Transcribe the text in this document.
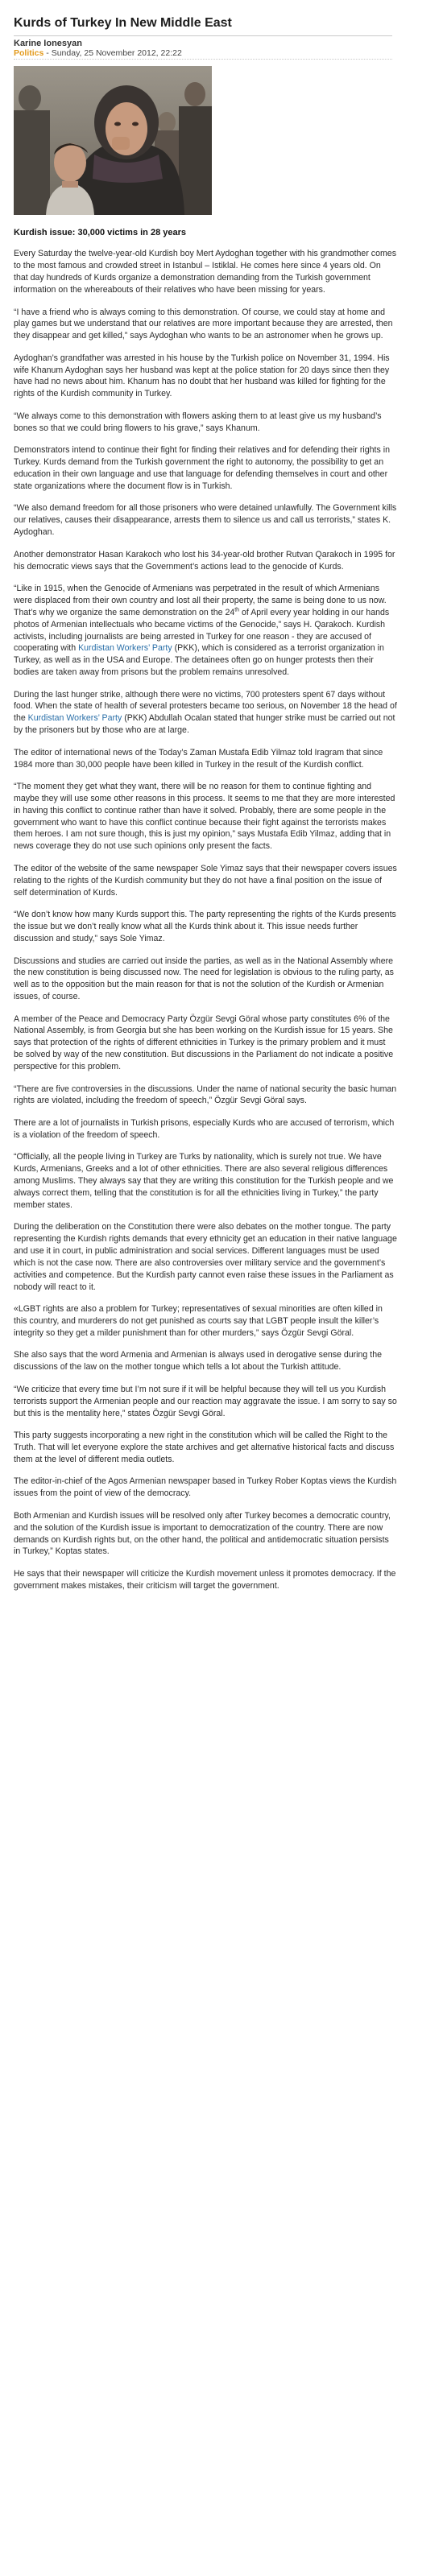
Kurds of Turkey In New Middle East
Karine Ionesyan
Politics - Sunday, 25 November 2012, 22:22

Kurdish issue: 30,000 victims in 28 years

Every Saturday the twelve-year-old Kurdish boy Mert Aydoghan together with his grandmother comes to the most famous and crowded street in Istanbul – Istiklal. He comes here since 4 years old. On that day hundreds of Kurds organize a demonstration demanding from the Turkish government information on the whereabouts of their relatives who have been missing for years.

“I have a friend who is always coming to this demonstration. Of course, we could stay at home and play games but we understand that our relatives are more important because they are arrested, then they disappear and get killed,” says Aydoghan who wants to be an astronomer when he grows up.

Aydoghan’s grandfather was arrested in his house by the Turkish police on November 31, 1994. His wife Khanum Aydoghan says her husband was kept at the police station for 20 days since then they have had no news about him. Khanum has no doubt that her husband was killed for fighting for the rights of the Kurdish community in Turkey.

“We always come to this demonstration with flowers asking them to at least give us my husband’s bones so that we could bring flowers to his grave,” says Khanum.

Demonstrators intend to continue their fight for finding their relatives and for defending their rights in Turkey. Kurds demand from the Turkish government the right to autonomy, the possibility to get an education in their own language and use that language for defending themselves in court and other state organizations where the document flow is in Turkish.

“We also demand freedom for all those prisoners who were detained unlawfully. The Government kills our relatives, causes their disappearance, arrests them to silence us and call us terrorists,” states K. Aydoghan.

Another demonstrator Hasan Karakoch who lost his 34-year-old brother Rutvan Qarakoch in 1995 for his democratic views says that the Government’s actions lead to the genocide of Kurds.

“Like in 1915, when the Genocide of Armenians was perpetrated in the result of which Armenians were displaced from their own country and lost all their property, the same is being done to us now. That’s why we organize the same demonstration on the 24th of April every year holding in our hands photos of Armenian intellectuals who became victims of the Genocide,” says H. Qarakoch. Kurdish activists, including journalists are being arrested in Turkey for one reason - they are accused of cooperating with Kurdistan Workers’ Party (PKK), which is considered as a terrorist organization in Turkey, as well as in the USA and Europe. The detainees often go on hunger protests then their bodies are taken away from prisons but the problem remains unresolved.

During the last hunger strike, although there were no victims, 700 protesters spent 67 days without food. When the state of health of several protesters became too serious, on November 18 the head of the Kurdistan Workers’ Party (PKK) Abdullah Ocalan stated that hunger strike must be carried out not by the prisoners but by those who are at large.

The editor of international news of the Today’s Zaman Mustafa Edib Yilmaz told Iragram that since 1984 more than 30,000 people have been killed in Turkey in the result of the Kurdish conflict.

“The moment they get what they want, there will be no reason for them to continue fighting and maybe they will use some other reasons in this process. It seems to me that they are more interested in having this conflict to continue rather than have it solved. Probably, there are some people in the government who want to have this conflict continue because their fight against the terrorists makes them heroes. I am not sure though, this is just my opinion,” says Mustafa Edib Yilmaz, adding that in news coverage they do not use such opinions only present the facts.

The editor of the website of the same newspaper Sole Yimaz says that their newspaper covers issues relating to the rights of the Kurdish community but they do not have a final position on the issue of self determination of Kurds.

“We don’t know how many Kurds support this. The party representing the rights of the Kurds presents the issue but we don’t really know what all the Kurds think about it. This issue needs further discussion and study,” says Sole Yimaz.

Discussions and studies are carried out inside the parties, as well as in the National Assembly where the new constitution is being discussed now. The need for legislation is obvious to the ruling party, as well as to the opposition but the main reason for that is not the solution of the Kurdish or Armenian issues, of course.

A member of the Peace and Democracy Party Özgür Sevgi Göral whose party constitutes 6% of the National Assembly, is from Georgia but she has been working on the Kurdish issue for 15 years. She says that protection of the rights of different ethnicities in Turkey is the primary problem and it must be solved by way of the new constitution. But discussions in the Parliament do not indicate a positive perspective for this problem.

“There are five controversies in the discussions. Under the name of national security the basic human rights are violated, including the freedom of speech,” Özgür Sevgi Göral says.

There are a lot of journalists in Turkish prisons, especially Kurds who are accused of terrorism, which is a violation of the freedom of speech.

“Officially, all the people living in Turkey are Turks by nationality, which is surely not true. We have Kurds, Armenians, Greeks and a lot of other ethnicities. There are also several religious differences among Muslims. They always say that they are writing this constitution for the Turkish people and we always correct them, telling that the constitution is for all the ethnicities living in Turkey,” the party member states.

During the deliberation on the Constitution there were also debates on the mother tongue. The party representing the Kurdish rights demands that every ethnicity get an education in their native language and use it in court, in public administration and social services. Different languages must be used which is not the case now. There are also controversies over military service and the government’s activities and competence. But the Kurdish party cannot even raise these issues in the Parliament as nobody will react to it.

«LGBT rights are also a problem for Turkey; representatives of sexual minorities are often killed in this country, and murderers do not get punished as courts say that LGBT people insult the killer’s integrity so they get a milder punishment than for other murders,” says Özgür Sevgi Göral.

She also says that the word Armenia and Armenian is always used in derogative sense during the discussions of the law on the mother tongue which tells a lot about the Turkish attitude.

“We criticize that every time but I’m not sure if it will be helpful because they will tell us you Kurdish terrorists support the Armenian people and our reaction may aggravate the issue. I am sorry to say so but this is the mentality here,” states Özgür Sevgi Göral.

This party suggests incorporating a new right in the constitution which will be called the Right to the Truth. That will let everyone explore the state archives and get alternative historical facts and discuss them at the level of different media outlets.

The editor-in-chief of the Agos Armenian newspaper based in Turkey Rober Koptas views the Kurdish issues from the point of view of the democracy.

Both Armenian and Kurdish issues will be resolved only after Turkey becomes a democratic country, and the solution of the Kurdish issue is important to democratization of the country. There are now demands on Kurdish rights but, on the other hand, the political and antidemocratic situation persists in Turkey,” Koptas states.

He says that their newspaper will criticize the Kurdish movement unless it promotes democracy. If the government makes mistakes, their criticism will target the government.
